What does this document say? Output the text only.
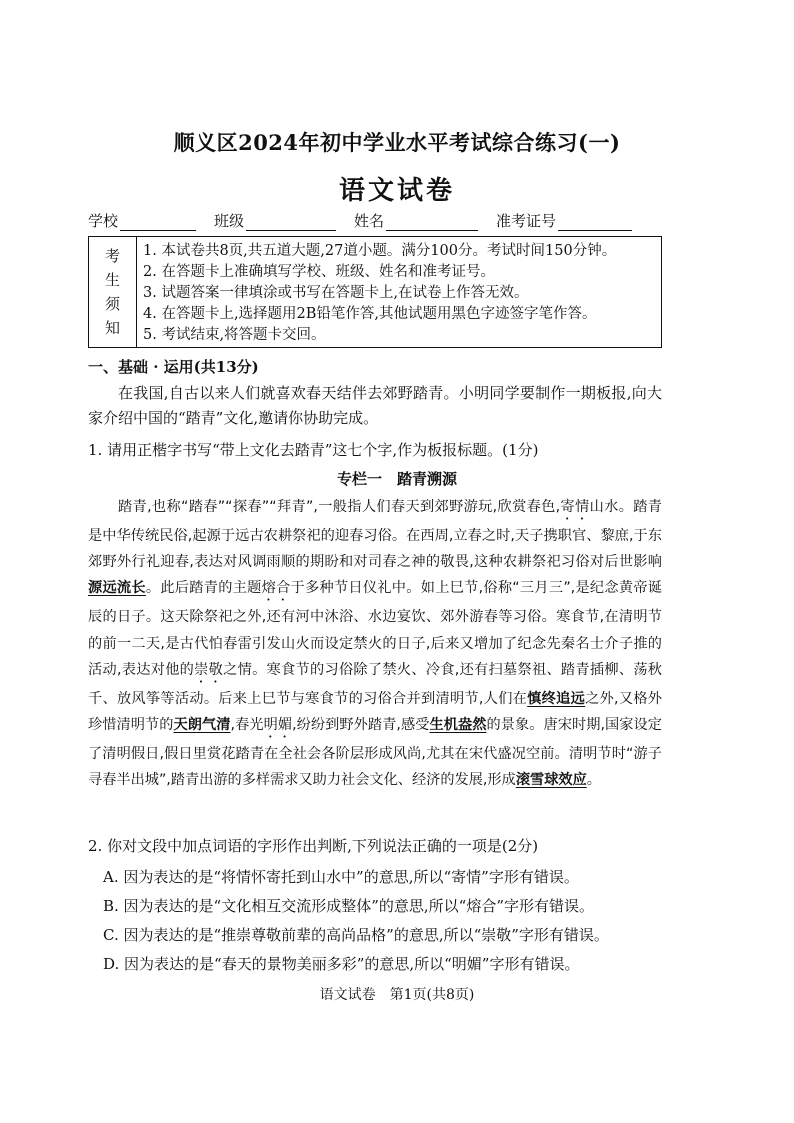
顺义区2024年初中学业水平考试综合练习(一)
语文试卷
学校	班级	姓名	准考证号
考
生
须
知
1. 本试卷共8页,共五道大题,27道小题。满分100分。考试时间150分钟。
2. 在答题卡上准确填写学校、班级、姓名和准考证号。
3. 试题答案一律填涂或书写在答题卡上,在试卷上作答无效。
4. 在答题卡上,选择题用2B铅笔作答,其他试题用黑色字迹签字笔作答。
5. 考试结束,将答题卡交回。
一、基础 · 运用(共13分)
在我国,自古以来人们就喜欢春天结伴去郊野踏青。小明同学要制作一期板报,向大家介绍中国的“踏青”文化,邀请你协助完成。
1. 请用正楷字书写“带上文化去踏青”这七个字,作为板报标题。(1分)
专栏一　踏青溯源
踏青,也称“踏春”“探春”“拜青”,一般指人们春天到郊野游玩,欣赏春色,寄情山水。踏青是中华传统民俗,起源于远古农耕祭祀的迎春习俗。在西周,立春之时,天子携职官、黎庶,于东郊野外行礼迎春,表达对风调雨顺的期盼和对司春之神的敬畏,这种农耕祭祀习俗对后世影响源远流长。此后踏青的主题熔合于多种节日仪礼中。如上巳节,俗称“三月三”,是纪念黄帝诞辰的日子。这天除祭祀之外,还有河中沐浴、水边宴饮、郊外游春等习俗。寒食节,在清明节的前一二天,是古代怕春雷引发山火而设定禁火的日子,后来又增加了纪念先秦名士介子推的活动,表达对他的崇敬之情。寒食节的习俗除了禁火、冷食,还有扫墓祭祖、踏青插柳、荡秋千、放风筝等活动。后来上巳节与寒食节的习俗合并到清明节,人们在慎终追远之外,又格外珍惜清明节的天朗气清,春光明媚,纷纷到野外踏青,感受生机盎然的景象。唐宋时期,国家设定了清明假日,假日里赏花踏青在全社会各阶层形成风尚,尤其在宋代盛况空前。清明节时“游子寻春半出城”,踏青出游的多样需求又助力社会文化、经济的发展,形成滚雪球效应。
2. 你对文段中加点词语的字形作出判断,下列说法正确的一项是(2分)
A. 因为表达的是“将情怀寄托到山水中”的意思,所以“寄情”字形有错误。
B. 因为表达的是“文化相互交流形成整体”的意思,所以“熔合”字形有错误。
C. 因为表达的是“推崇尊敬前辈的高尚品格”的意思,所以“崇敬”字形有错误。
D. 因为表达的是“春天的景物美丽多彩”的意思,所以“明媚”字形有错误。
语文试卷　第1页(共8页)
